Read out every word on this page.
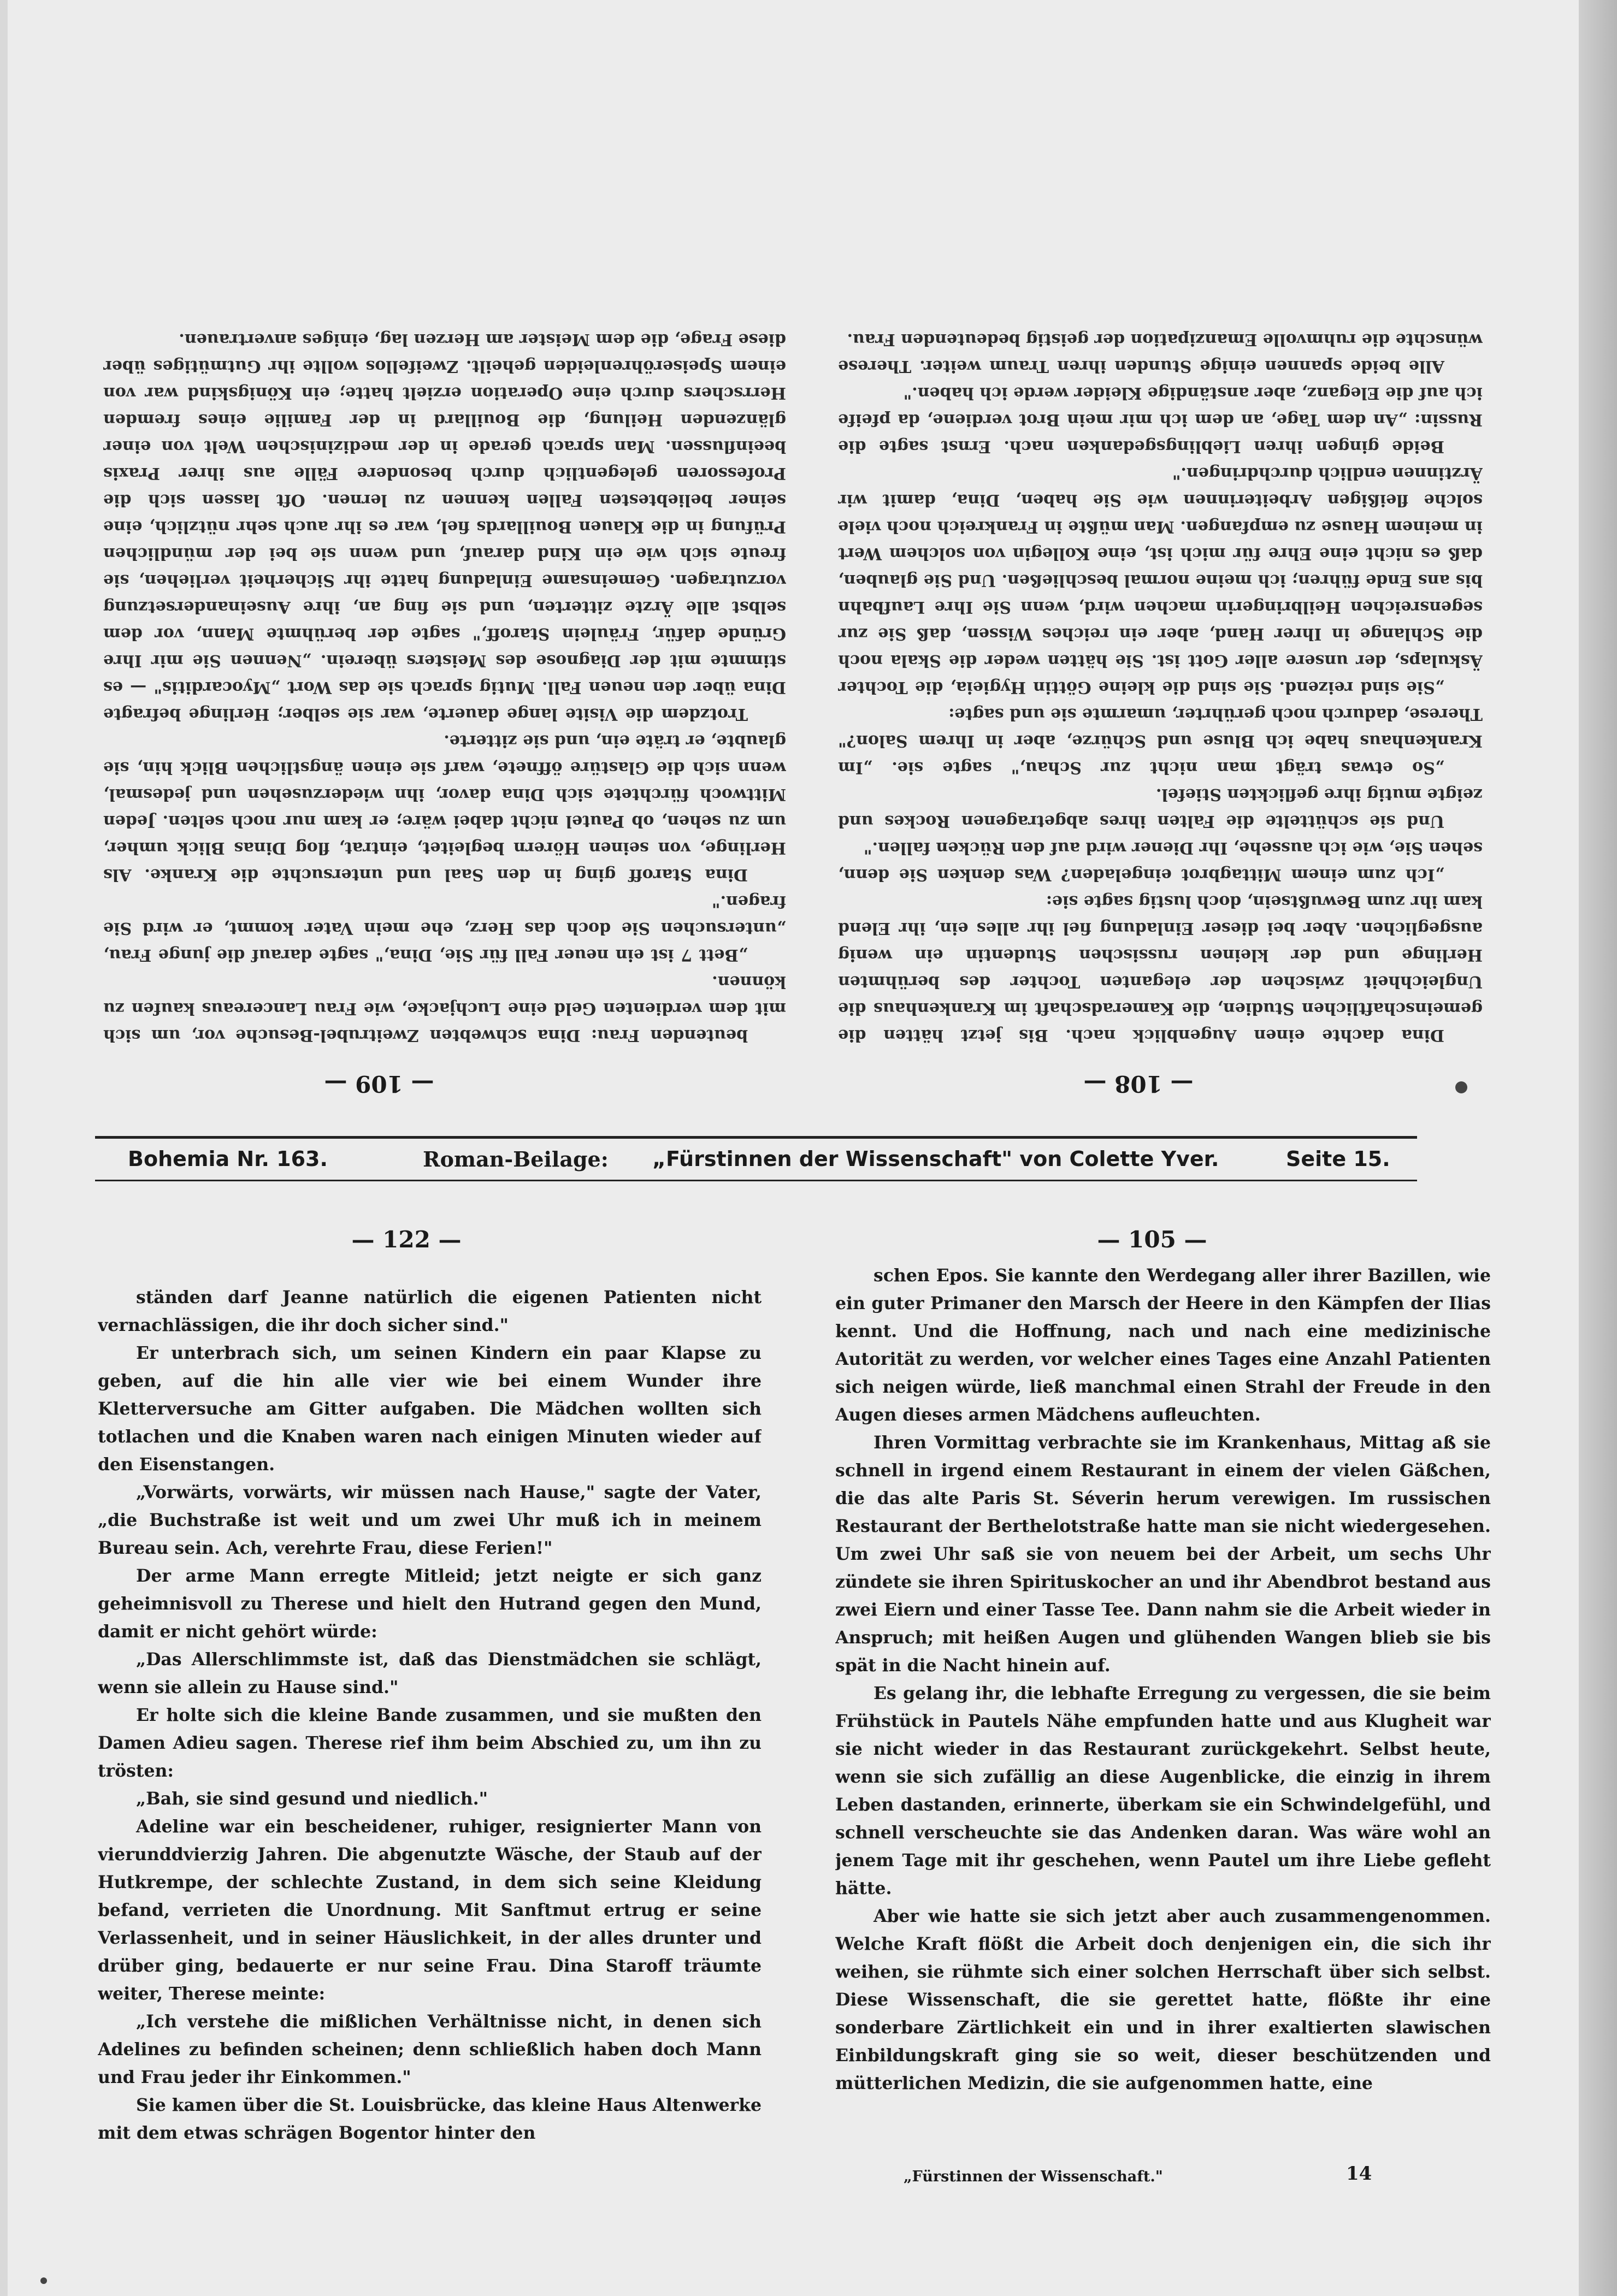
— 109 —	— 108 —

beutenden Frau: Dina schwebten Zweitrubel-Besuche vor, um sich mit dem verdienten Geld eine Luchjacke, wie Frau Lancereaus kaufen zu können.

„Bett 7 ist ein neuer Fall für Sie, Dina," sagte darauf die junge Frau, „untersuchen Sie doch das Herz, ehe mein Vater kommt, er wird Sie fragen."

Dina Staroff ging in den Saal und untersuchte die Kranke. Als Herlinge, von seinen Hörern begleitet, eintrat, flog Dinas Blick umher, um zu sehen, ob Pautel nicht dabei wäre; er kam nur noch selten. Jeden Mittwoch fürchtete sich Dina davor, ihn wiederzusehen und jedesmal, wenn sich die Glastüre öffnete, warf sie einen ängstlichen Blick hin, sie glaubte, er träte ein, und sie zitterte.

Trotzdem die Visite lange dauerte, war sie selber; Herlinge befragte Dina über den neuen Fall. Mutig sprach sie das Wort „Myocarditis" — es stimmte mit der Diagnose des Meisters überein. „Nennen Sie mir Ihre Gründe dafür, Fräulein Staroff," sagte der berühmte Mann, vor dem selbst alle Ärzte zitterten, und sie fing an, ihre Auseinandersetzung vorzutragen. Gemeinsame Einladung hatte ihr Sicherheit verliehen, sie freute sich wie ein Kind darauf, und wenn sie bei der mündlichen Prüfung in die Klauen Bouillards fiel, war es ihr auch sehr nützlich, eine seiner beliebtesten Fallen kennen zu lernen. Oft lassen sich die Professoren gelegentlich durch besondere Fälle aus ihrer Praxis beeinflussen. Man sprach gerade in der medizinischen Welt von einer glänzenden Heilung, die Bouillard in der Familie eines fremden Herrschers durch eine Operation erzielt hatte; ein Königskind war von einem Speiseröhrenleiden geheilt. Zweifellos wollte ihr Gutmütiges über diese Frage, die dem Meister am Herzen lag, einiges anvertrauen.

Dina dachte einen Augenblick nach. Bis jetzt hätten die gemeinschaftlichen Studien, die Kameradschaft im Krankenhaus die Ungleichheit zwischen der eleganten Tochter des berühmten Herlinge und der kleinen russischen Studentin ein wenig ausgeglichen. Aber bei dieser Einladung fiel ihr alles ein, ihr Elend kam ihr zum Bewußtsein, doch lustig sagte sie:

„Ich zum einem Mittagbrot eingeladen? Was denken Sie denn, sehen Sie, wie ich aussehe, Ihr Diener wird auf den Rücken fallen."

Und sie schüttelte die Falten ihres abgetragenen Rockes und zeigte mutig ihre geflickten Stiefel.

„So etwas trägt man nicht zur Schau," sagte sie. „Im Krankenhaus habe ich Bluse und Schürze, aber in Ihrem Salon?" Therese, dadurch noch gerührter, umarmte sie und sagte:

„Sie sind reizend. Sie sind die kleine Göttin Hygieia, die Tochter Äskulaps, der unsere aller Gott ist. Sie hätten weder die Skala noch die Schlange in Ihrer Hand, aber ein reiches Wissen, daß Sie zur segensreichen Heilbringerin machen wird, wenn Sie Ihre Laufbahn bis ans Ende führen; ich meine normal beschließen. Und Sie glauben, daß es nicht eine Ehre für mich ist, eine Kollegin von solchem Wert in meinem Hause zu empfangen. Man müßte in Frankreich noch viele solche fleißigen Arbeiterinnen wie Sie haben, Dina, damit wir Ärztinnen endlich durchdringen."

Beide gingen ihren Lieblingsgedanken nach. Ernst sagte die Russin: „An dem Tage, an dem ich mir mein Brot verdiene, da pfeife ich auf die Eleganz, aber anständige Kleider werde ich haben."

Alle beide spannen einige Stunden ihren Traum weiter. Therese wünschte die ruhmvolle Emanzipation der geistig bedeutenden Frau.

Bohemia Nr. 163.	Roman-Beilage: „Fürstinnen der Wissenschaft" von Colette Yver.	Seite 15.
— 122 —	— 105 —

ständen darf Jeanne natürlich die eigenen Patienten nicht vernachlässigen, die ihr doch sicher sind."

Er unterbrach sich, um seinen Kindern ein paar Klapse zu geben, auf die hin alle vier wie bei einem Wunder ihre Kletterversuche am Gitter aufgaben. Die Mädchen wollten sich totlachen und die Knaben waren nach einigen Minuten wieder auf den Eisenstangen.

„Vorwärts, vorwärts, wir müssen nach Hause," sagte der Vater, „die Buchstraße ist weit und um zwei Uhr muß ich in meinem Bureau sein. Ach, verehrte Frau, diese Ferien!"

Der arme Mann erregte Mitleid; jetzt neigte er sich ganz geheimnisvoll zu Therese und hielt den Hutrand gegen den Mund, damit er nicht gehört würde:

„Das Allerschlimmste ist, daß das Dienstmädchen sie schlägt, wenn sie allein zu Hause sind."

Er holte sich die kleine Bande zusammen, und sie mußten den Damen Adieu sagen. Therese rief ihm beim Abschied zu, um ihn zu trösten:

„Bah, sie sind gesund und niedlich."

Adeline war ein bescheidener, ruhiger, resignierter Mann von vierunddvierzig Jahren. Die abgenutzte Wäsche, der Staub auf der Hutkrempe, der schlechte Zustand, in dem sich seine Kleidung befand, verrieten die Unordnung. Mit Sanftmut ertrug er seine Verlassenheit, und in seiner Häuslichkeit, in der alles drunter und drüber ging, bedauerte er nur seine Frau. Dina Staroff träumte weiter, Therese meinte:

„Ich verstehe die mißlichen Verhältnisse nicht, in denen sich Adelines zu befinden scheinen; denn schließlich haben doch Mann und Frau jeder ihr Einkommen."

Sie kamen über die St. Louisbrücke, das kleine Haus Altenwerke mit dem etwas schrägen Bogentor hinter den

schen Epos. Sie kannte den Werdegang aller ihrer Bazillen, wie ein guter Primaner den Marsch der Heere in den Kämpfen der Ilias kennt. Und die Hoffnung, nach und nach eine medizinische Autorität zu werden, vor welcher eines Tages eine Anzahl Patienten sich neigen würde, ließ manchmal einen Strahl der Freude in den Augen dieses armen Mädchens aufleuchten.

Ihren Vormittag verbrachte sie im Krankenhaus, Mittag aß sie schnell in irgend einem Restaurant in einem der vielen Gäßchen, die das alte Paris St. Séverin herum verewigen. Im russischen Restaurant der Berthelotstraße hatte man sie nicht wiedergesehen. Um zwei Uhr saß sie von neuem bei der Arbeit, um sechs Uhr zündete sie ihren Spirituskocher an und ihr Abendbrot bestand aus zwei Eiern und einer Tasse Tee. Dann nahm sie die Arbeit wieder in Anspruch; mit heißen Augen und glühenden Wangen blieb sie bis spät in die Nacht hinein auf.

Es gelang ihr, die lebhafte Erregung zu vergessen, die sie beim Frühstück in Pautels Nähe empfunden hatte und aus Klugheit war sie nicht wieder in das Restaurant zurückgekehrt. Selbst heute, wenn sie sich zufällig an diese Augenblicke, die einzig in ihrem Leben dastanden, erinnerte, überkam sie ein Schwindelgefühl, und schnell verscheuchte sie das Andenken daran. Was wäre wohl an jenem Tage mit ihr geschehen, wenn Pautel um ihre Liebe gefleht hätte.

Aber wie hatte sie sich jetzt aber auch zusammengenommen. Welche Kraft flößt die Arbeit doch denjenigen ein, die sich ihr weihen, sie rühmte sich einer solchen Herrschaft über sich selbst. Diese Wissenschaft, die sie gerettet hatte, flößte ihr eine sonderbare Zärtlichkeit ein und in ihrer exaltierten slawischen Einbildungskraft ging sie so weit, dieser beschützenden und mütterlichen Medizin, die sie aufgenommen hatte, eine

„Fürstinnen der Wissenschaft."	14
